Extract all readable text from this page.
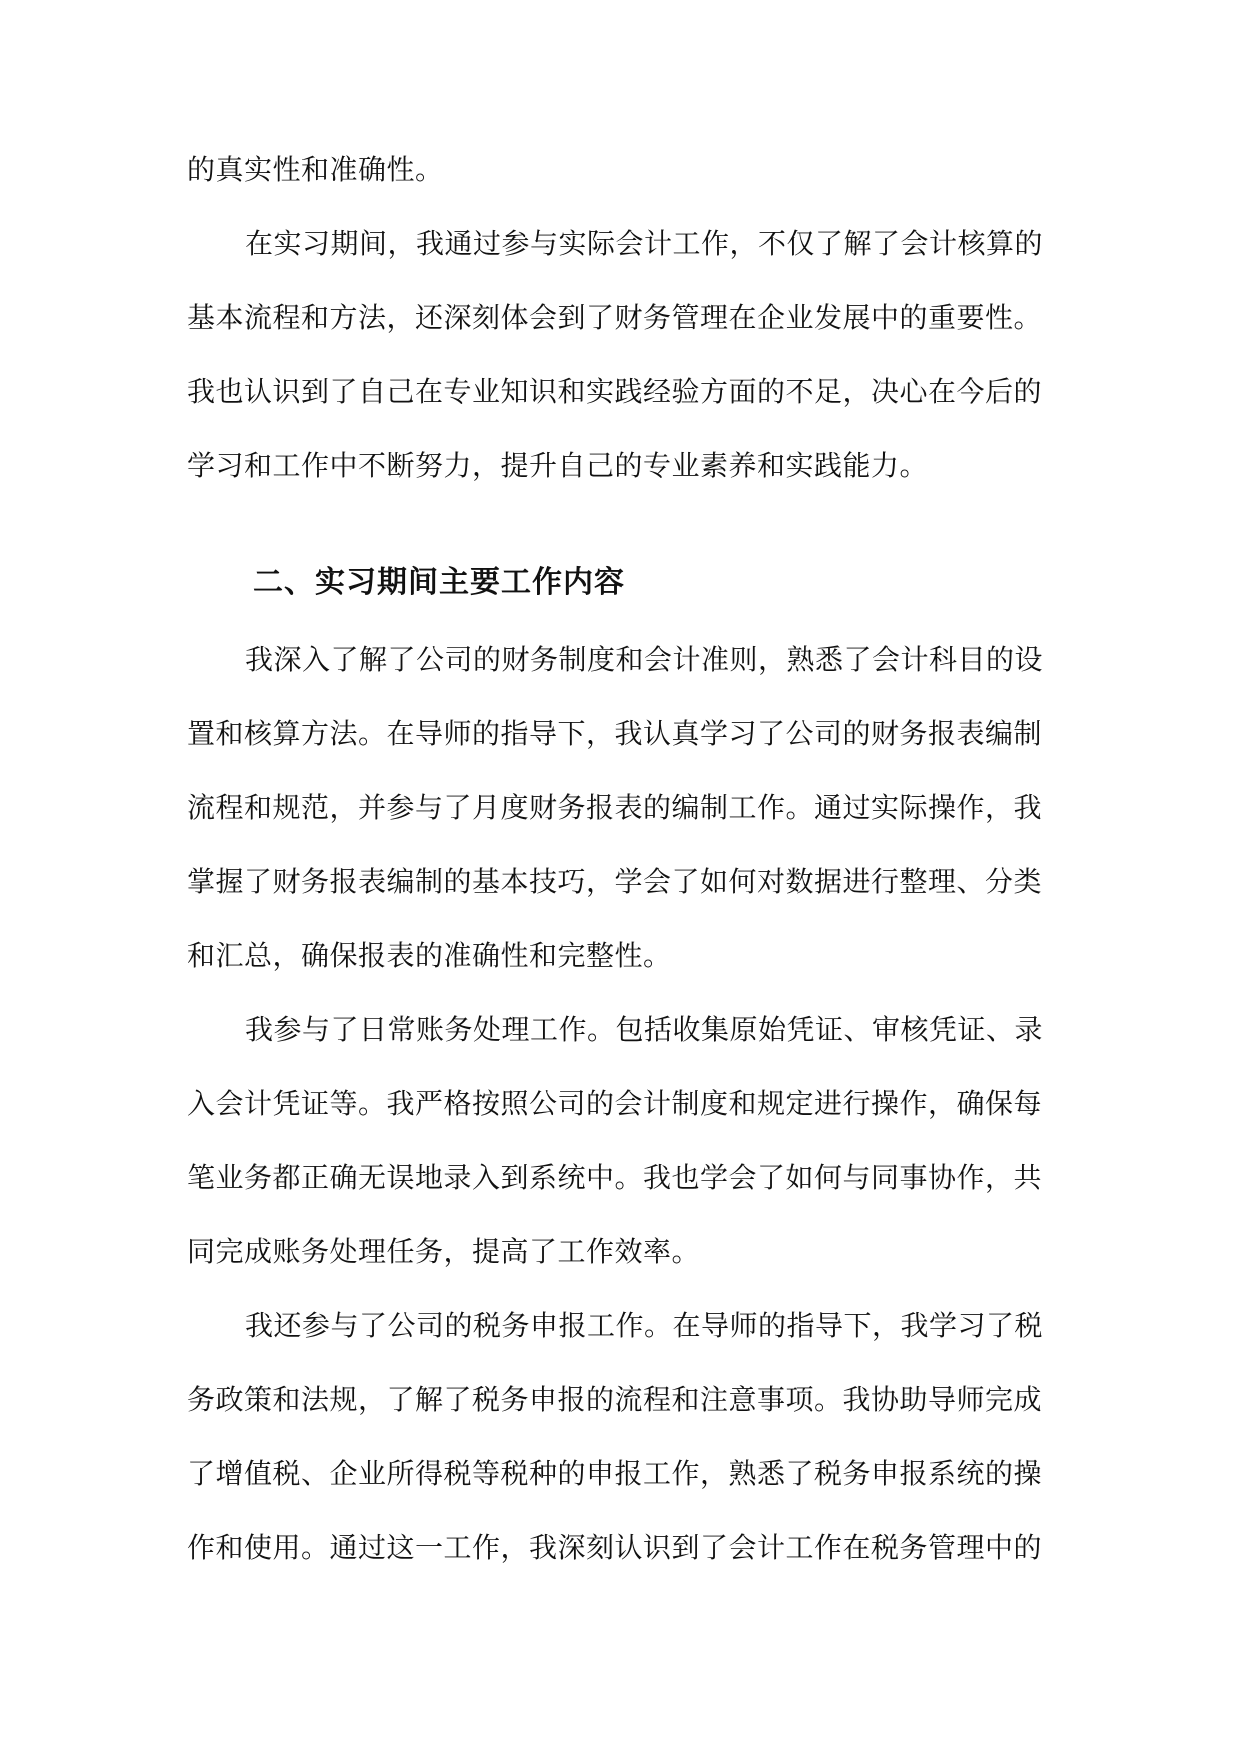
的真实性和准确性。
在实习期间，我通过参与实际会计工作，不仅了解了会计核算的
基本流程和方法，还深刻体会到了财务管理在企业发展中的重要性。
我也认识到了自己在专业知识和实践经验方面的不足，决心在今后的
学习和工作中不断努力，提升自己的专业素养和实践能力。
二、实习期间主要工作内容
我深入了解了公司的财务制度和会计准则，熟悉了会计科目的设
置和核算方法。在导师的指导下，我认真学习了公司的财务报表编制
流程和规范，并参与了月度财务报表的编制工作。通过实际操作，我
掌握了财务报表编制的基本技巧，学会了如何对数据进行整理、分类
和汇总，确保报表的准确性和完整性。
我参与了日常账务处理工作。包括收集原始凭证、审核凭证、录
入会计凭证等。我严格按照公司的会计制度和规定进行操作，确保每
笔业务都正确无误地录入到系统中。我也学会了如何与同事协作，共
同完成账务处理任务，提高了工作效率。
我还参与了公司的税务申报工作。在导师的指导下，我学习了税
务政策和法规，了解了税务申报的流程和注意事项。我协助导师完成
了增值税、企业所得税等税种的申报工作，熟悉了税务申报系统的操
作和使用。通过这一工作，我深刻认识到了会计工作在税务管理中的
